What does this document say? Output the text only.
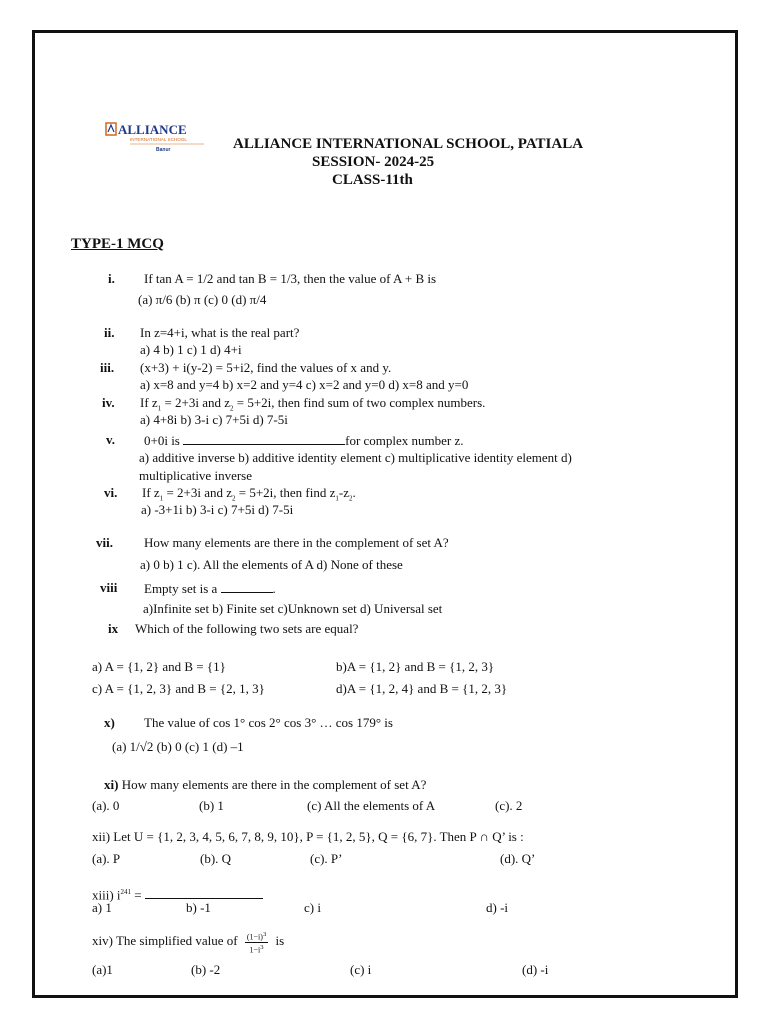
ALLIANCE
INTERNATIONAL SCHOOL
Banur	ALLIANCE INTERNATIONAL SCHOOL, PATIALA
SESSION- 2024-25
CLASS-11th
TYPE-1 MCQ
i. If tan A = 1/2 and tan B = 1/3, then the value of A + B is
(a) π/6 (b) π (c) 0 (d) π/4
ii. In z=4+i, what is the real part?
a) 4 b) 1 c) 1 d) 4+i
iii. (x+3) + i(y-2) = 5+i2, find the values of x and y.
a) x=8 and y=4 b) x=2 and y=4 c) x=2 and y=0 d) x=8 and y=0
iv. If $z_1 = 2+3i$ and $z_2 = 5+2i$, then find sum of two complex numbers.
a) 4+8i b) 3-i c) 7+5i d) 7-5i
v. 0+0i is	for complex number z.
a) additive inverse b) additive identity element c) multiplicative identity element d)
multiplicative inverse
vi. If $z_1 = 2+3i$ and $z_2 = 5+2i$, then find $z_1-z_2$.
a) -3+1i b) 3-i c) 7+5i d) 7-5i
vii. How many elements are there in the complement of set A?
a) 0 b) 1 c). All the elements of A d) None of these
viii Empty set is a	.
a)Infinite set b) Finite set c)Unknown set d) Universal set
ix Which of the following two sets are equal?
a) A = {1, 2} and B = {1}	b)A = {1, 2} and B = {1, 2, 3}
c) A = {1, 2, 3} and B = {2, 1, 3}	d)A = {1, 2, 4} and B = {1, 2, 3}
x) The value of cos 1° cos 2° cos 3° … cos 179° is
(a) 1/√2 (b) 0 (c) 1 (d) –1
xi) How many elements are there in the complement of set A?
(a). 0	(b) 1	(c) All the elements of A	(c). 2
xii) Let U = {1, 2, 3, 4, 5, 6, 7, 8, 9, 10}, P = {1, 2, 5}, Q = {6, 7}. Then P ∩ Q’ is :
(a). P	(b). Q	(c). P’	(d). Q’
xiii) $i^{241}$ =
a) 1	b) -1	c) i	d) -i
xiv) The simplified value of $\frac{(1-i)^3}{1-i^3}$ is
(a)1	(b) -2	(c) i	(d) -i
